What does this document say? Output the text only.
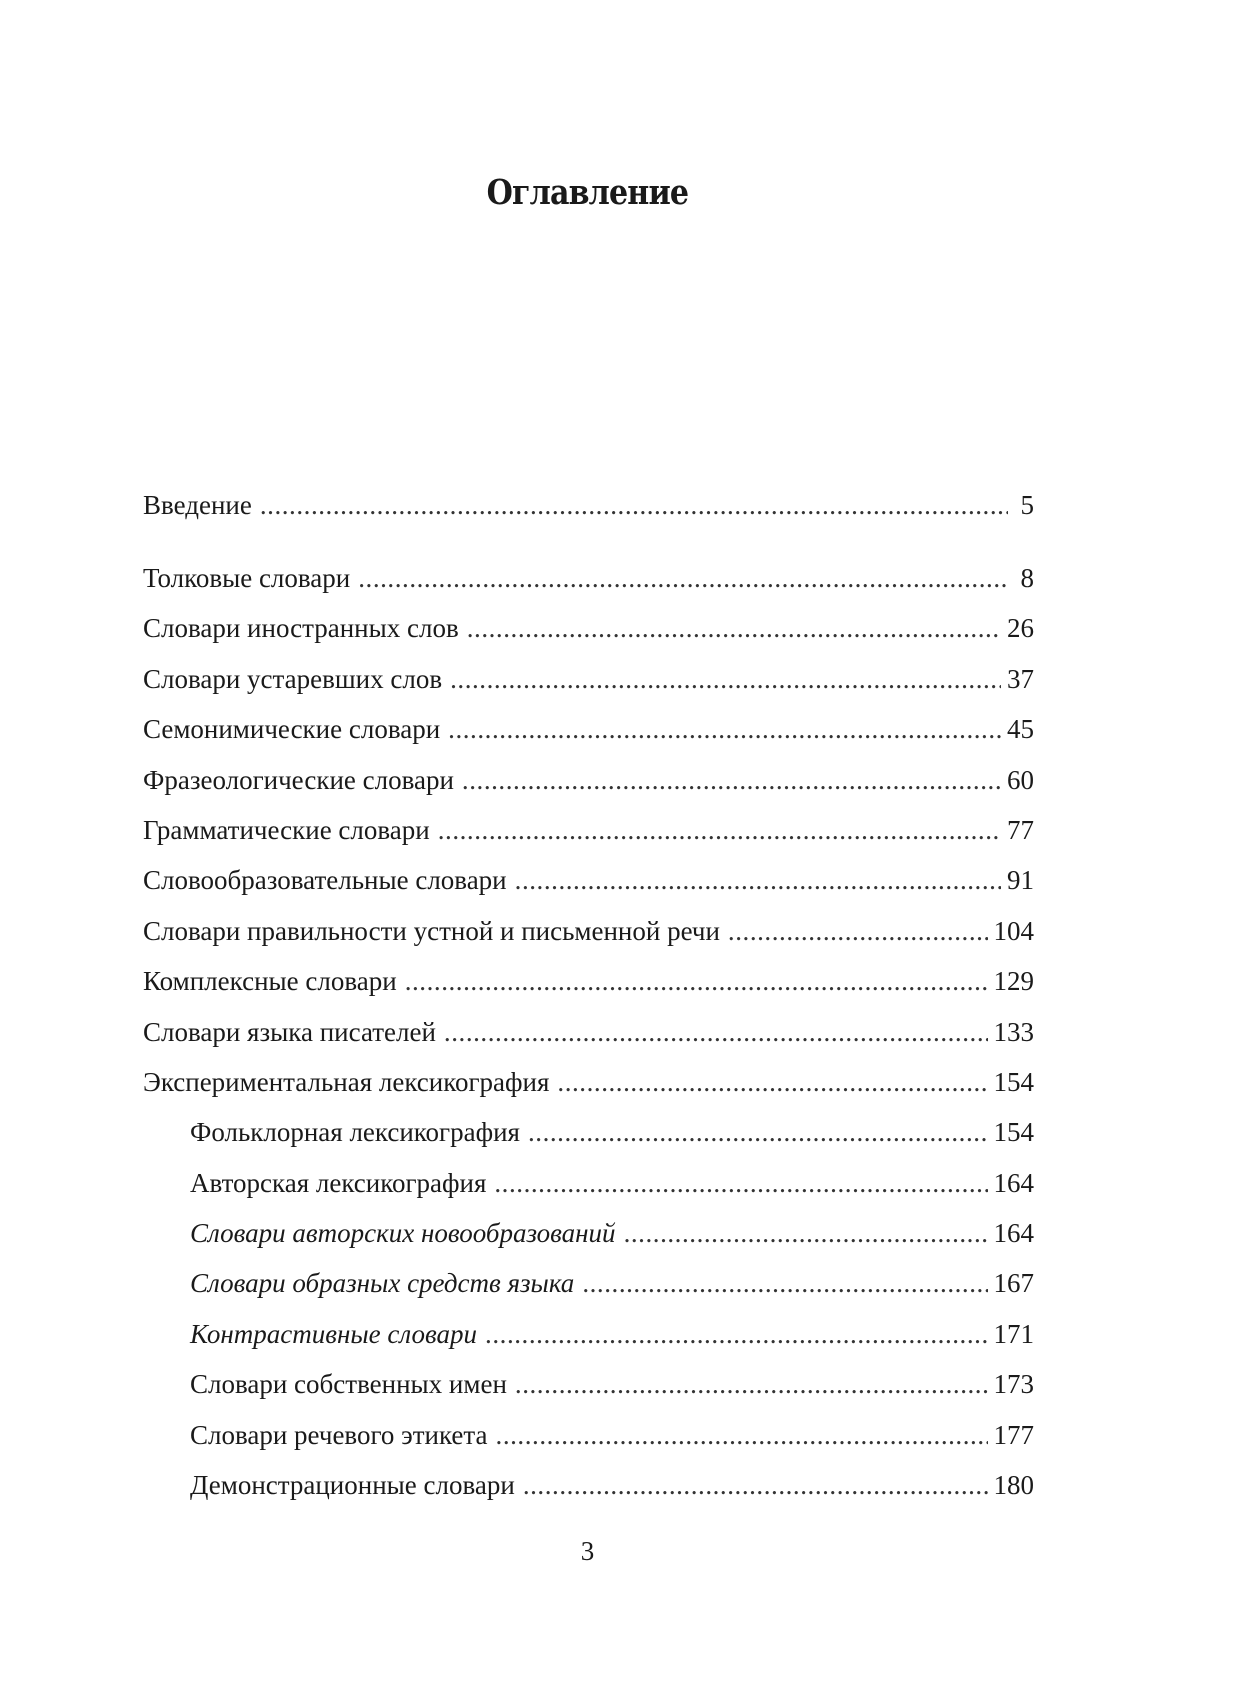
Оглавление
Введение . . .	5
Толковые словари . . .	8
Словари иностранных слов . . .	26
Словари устаревших слов . . .	37
Семонимические словари . . .	45
Фразеологические словари . . .	60
Грамматические словари . . .	77
Словообразовательные словари . . .	91
Словари правильности устной и письменной речи . . .	104
Комплексные словари . . .	129
Словари языка писателей . . .	133
Экспериментальная лексикография . . .	154
Фольклорная лексикография . . .	154
Авторская лексикография . . .	164
Словари авторских новообразований . . .	164
Словари образных средств языка . . .	167
Контрастивные словари . . .	171
Словари собственных имен . . .	173
Словари речевого этикета . . .	177
Демонстрационные словари . . .	180

3
